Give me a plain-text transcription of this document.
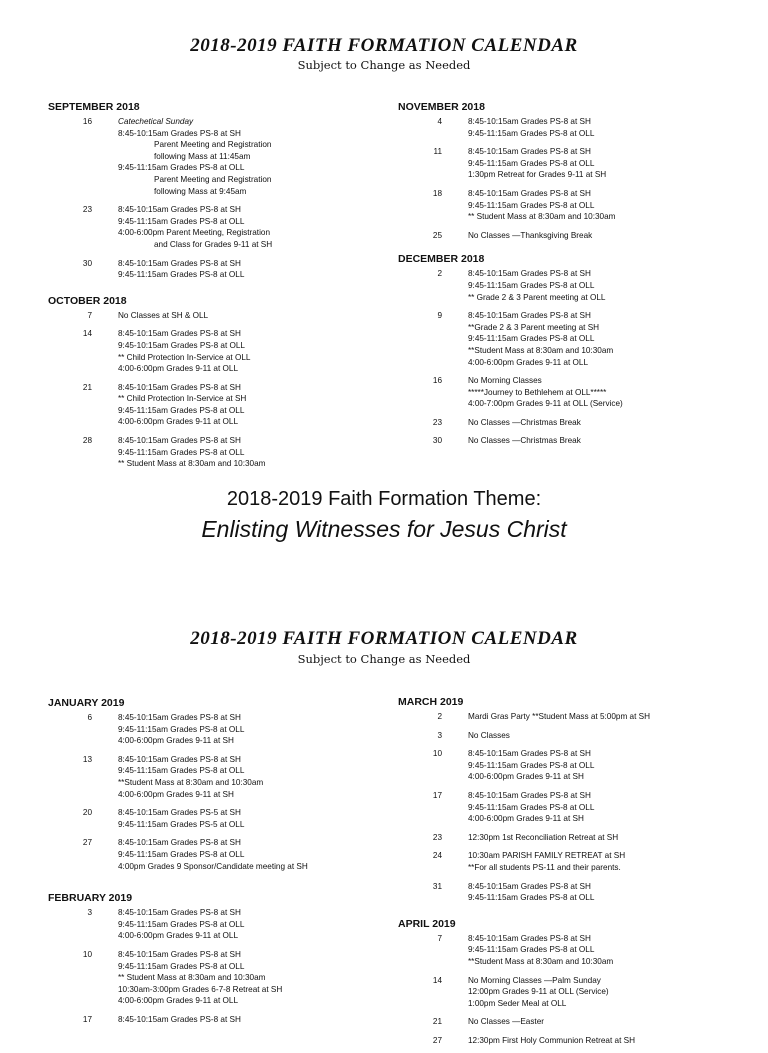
2018-2019 FAITH FORMATION CALENDAR

Subject to Change as Needed

SEPTEMBER 2018
16	Catechetical Sunday
8:45-10:15am Grades PS-8 at SH
Parent Meeting and Registration
following Mass at 11:45am
9:45-11:15am Grades PS-8 at OLL
Parent Meeting and Registration
following Mass at 9:45am
23	8:45-10:15am Grades PS-8 at SH
9:45-11:15am Grades PS-8 at OLL
4:00-6:00pm Parent Meeting, Registration
and Class for Grades 9-11 at SH
30	8:45-10:15am Grades PS-8 at SH
9:45-11:15am Grades PS-8 at OLL
OCTOBER 2018
7	No Classes at SH & OLL
14	8:45-10:15am Grades PS-8 at SH
9:45-10:15am Grades PS-8 at OLL
** Child Protection In-Service at OLL
4:00-6:00pm Grades 9-11 at OLL
21	8:45-10:15am Grades PS-8 at SH
** Child Protection In-Service at SH
9:45-11:15am Grades PS-8 at OLL
4:00-6:00pm Grades 9-11 at OLL
28	8:45-10:15am Grades PS-8 at SH
9:45-11:15am Grades PS-8 at OLL
** Student Mass at 8:30am and 10:30am
NOVEMBER 2018
4	8:45-10:15am Grades PS-8 at SH
9:45-11:15am Grades PS-8 at OLL
11	8:45-10:15am Grades PS-8 at SH
9:45-11:15am Grades PS-8 at OLL
1:30pm Retreat for Grades 9-11 at SH
18	8:45-10:15am Grades PS-8 at SH
9:45-11:15am Grades PS-8 at OLL
** Student Mass at 8:30am and 10:30am
25	No Classes —Thanksgiving Break
DECEMBER 2018
2	8:45-10:15am Grades PS-8 at SH
9:45-11:15am Grades PS-8 at OLL
** Grade 2 & 3 Parent meeting at OLL
9	8:45-10:15am Grades PS-8 at SH
**Grade 2 & 3 Parent meeting at SH
9:45-11:15am Grades PS-8 at OLL
**Student Mass at 8:30am and 10:30am
4:00-6:00pm Grades 9-11 at OLL
16	No Morning Classes
*****Journey to Bethlehem at OLL*****
4:00-7:00pm Grades 9-11 at OLL (Service)
23	No Classes —Christmas Break
30	No Classes —Christmas Break

2018-2019 Faith Formation Theme:

Enlisting Witnesses for Jesus Christ

2018-2019 FAITH FORMATION CALENDAR

Subject to Change as Needed

JANUARY 2019
6	8:45-10:15am Grades PS-8 at SH
9:45-11:15am Grades PS-8 at OLL
4:00-6:00pm Grades 9-11 at SH
13	8:45-10:15am Grades PS-8 at SH
9:45-11:15am Grades PS-8 at OLL
**Student Mass at 8:30am and 10:30am
4:00-6:00pm Grades 9-11 at SH
20	8:45-10:15am Grades PS-5 at SH
9:45-11:15am Grades PS-5 at OLL
27	8:45-10:15am Grades PS-8 at SH
9:45-11:15am Grades PS-8 at OLL
4:00pm Grades 9 Sponsor/Candidate meeting at SH
FEBRUARY 2019
3	8:45-10:15am Grades PS-8 at SH
9:45-11:15am Grades PS-8 at OLL
4:00-6:00pm Grades 9-11 at OLL
10	8:45-10:15am Grades PS-8 at SH
9:45-11:15am Grades PS-8 at OLL
** Student Mass at 8:30am and 10:30am
10:30am-3:00pm Grades 6-7-8 Retreat at SH
4:00-6:00pm Grades 9-11 at OLL
17	8:45-10:15am Grades PS-8 at SH
MARCH 2019
2	Mardi Gras Party **Student Mass at 5:00pm at SH
3	No Classes
10	8:45-10:15am Grades PS-8 at SH
9:45-11:15am Grades PS-8 at OLL
4:00-6:00pm Grades 9-11 at SH
17	8:45-10:15am Grades PS-8 at SH
9:45-11:15am Grades PS-8 at OLL
4:00-6:00pm Grades 9-11 at SH
23	12:30pm 1st Reconciliation Retreat at SH
24	10:30am PARISH FAMILY RETREAT at SH
**For all students PS-11 and their parents.
31	8:45-10:15am Grades PS-8 at SH
9:45-11:15am Grades PS-8 at OLL
APRIL 2019
7	8:45-10:15am Grades PS-8 at SH
9:45-11:15am Grades PS-8 at OLL
**Student Mass at 8:30am and 10:30am
14	No Morning Classes —Palm Sunday
12:00pm Grades 9-11 at OLL (Service)
1:00pm Seder Meal at OLL
21	No Classes —Easter
27	12:30pm First Holy Communion Retreat at SH
